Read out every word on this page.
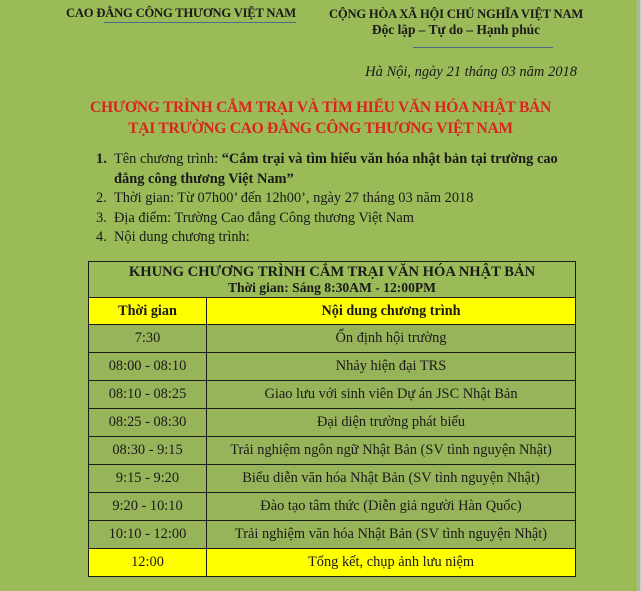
CAO ĐẲNG CÔNG THƯƠNG VIỆT NAM	CỘNG HÒA XÃ HỘI CHỦ NGHĨA VIỆT NAM
Độc lập – Tự do – Hạnh phúc
Hà Nội, ngày 21 tháng 03 năm 2018
CHƯƠNG TRÌNH CẮM TRẠI VÀ TÌM HIỂU VĂN HÓA NHẬT BẢN
TẠI TRƯỜNG CAO ĐẲNG CÔNG THƯƠNG VIỆT NAM
1. Tên chương trình: “Cắm trại và tìm hiểu văn hóa nhật bản tại trường cao đẳng công thương Việt Nam”
2. Thời gian: Từ 07h00’ đến 12h00’, ngày 27 tháng 03 năm 2018
3. Địa điểm: Trường Cao đẳng Công thương Việt Nam
4. Nội dung chương trình:
KHUNG CHƯƠNG TRÌNH CẮM TRẠI VĂN HÓA NHẬT BẢN
Thời gian: Sáng 8:30AM - 12:00PM	

Thời gian	Nội dung chương trình
7:30	Ổn định hội trường
08:00 - 08:10	Nhảy hiện đại TRS
08:10 - 08:25	Giao lưu với sinh viên Dự án JSC Nhật Bản
08:25 - 08:30	Đại diện trường phát biểu
08:30 - 9:15	Trải nghiệm ngôn ngữ Nhật Bản (SV tình nguyện Nhật)
9:15 - 9:20	Biểu diễn văn hóa Nhật Bản (SV tình nguyện Nhật)
9:20 - 10:10	Đào tạo tâm thức (Diễn giả người Hàn Quốc)
10:10 - 12:00	Trải nghiệm văn hóa Nhật Bản (SV tình nguyện Nhật)
12:00	Tổng kết, chụp ảnh lưu niệm
